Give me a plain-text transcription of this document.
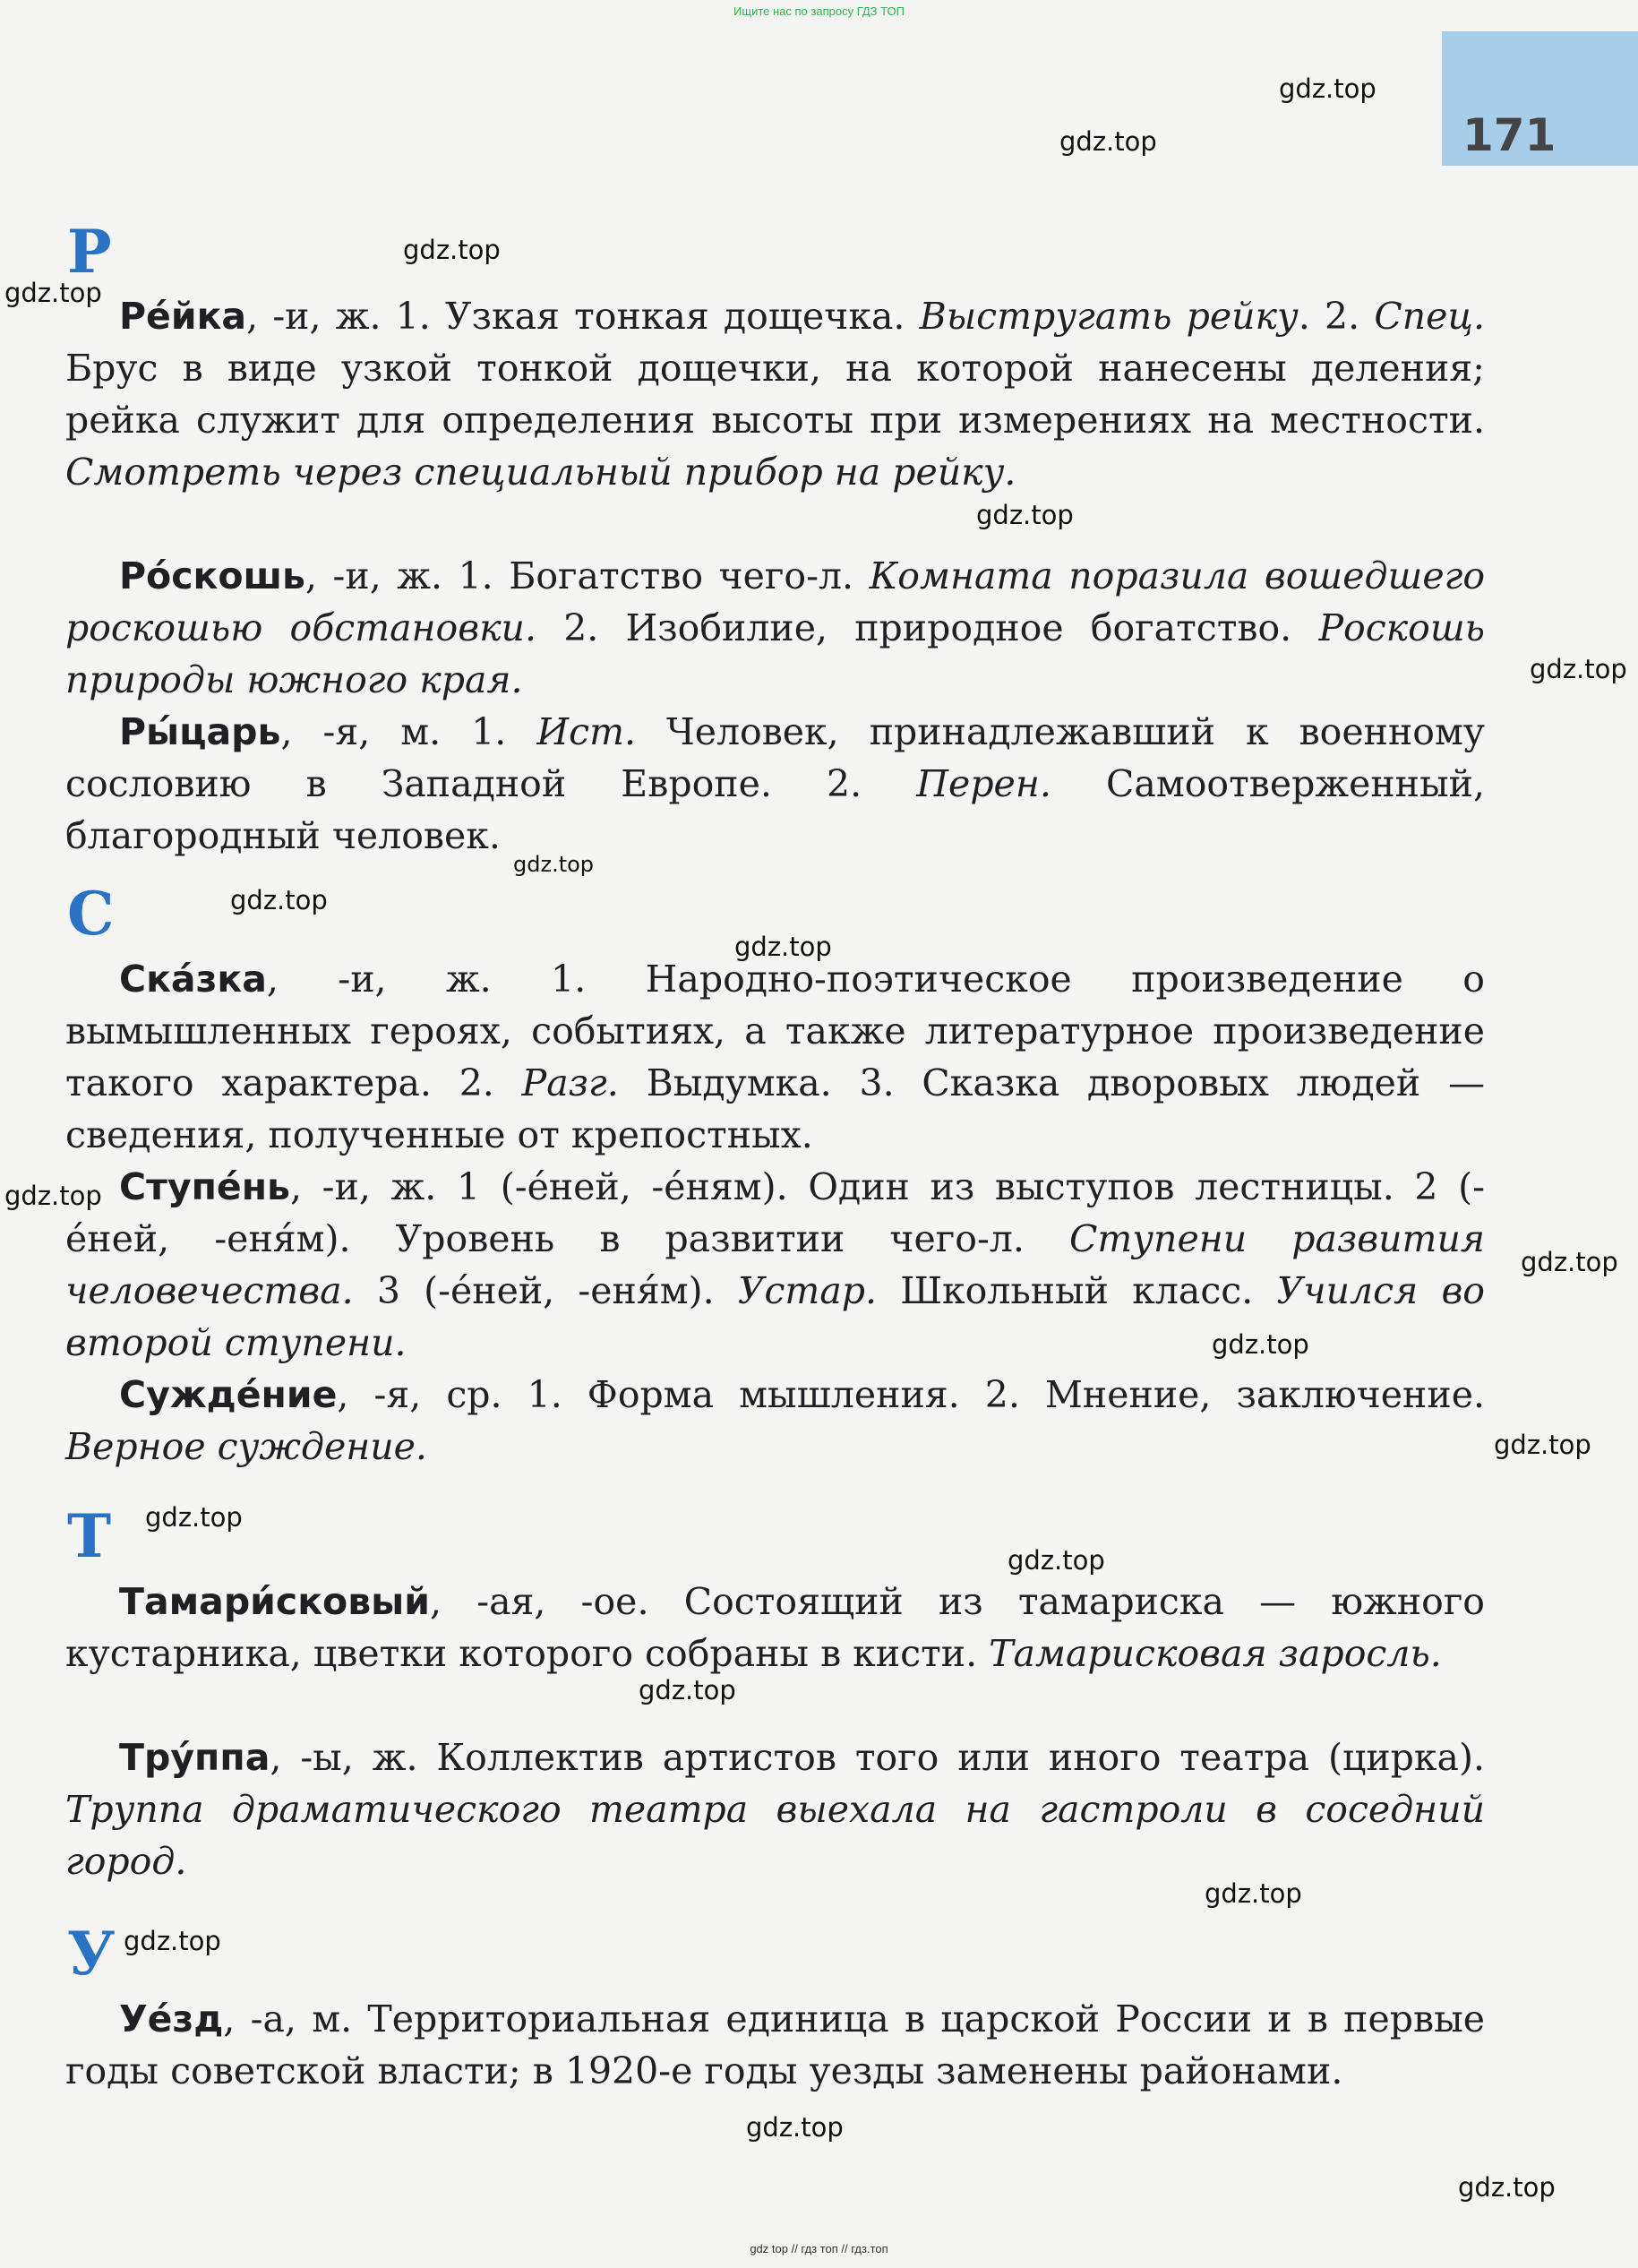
Ищите нас по запросу ГДЗ ТОП
171
gdz.top
gdz.top
gdz.top
gdz.top
gdz.top
gdz.top
gdz.top
gdz.top
gdz.top
gdz.top
gdz.top
gdz.top
gdz.top
gdz.top
gdz.top
gdz.top
gdz.top
gdz.top
gdz.top
gdz.top
Р
Ре́йка, -и, ж. 1. Узкая тонкая дощечка. Выстругать рейку. 2. Спец. Брус в виде узкой тонкой дощечки, на которой нанесены деления; рейка служит для определения высоты при измерениях на местности. Смотреть через специальный прибор на рейку.
Ро́скошь, -и, ж. 1. Богатство чего-л. Комната поразила вошедшего роскошью обстановки. 2. Изобилие, природное богатство. Роскошь природы южного края.
Ры́царь, -я, м. 1. Ист. Человек, принадлежавший к военному сословию в Западной Европе. 2. Перен. Самоотверженный, благородный человек.
С
Ска́зка, -и, ж. 1. Народно-поэтическое произведение о вымышленных героях, событиях, а также литературное произведение такого характера. 2. Разг. Выдумка. 3. Сказка дворовых людей — сведения, полученные от крепостных.
Ступе́нь, -и, ж. 1 (-е́ней, -е́ням). Один из выступов лестницы. 2 (-е́ней, -еня́м). Уровень в развитии чего-л. Ступени развития человечества. 3 (-е́ней, -еня́м). Устар. Школьный класс. Учился во второй ступени.
Сужде́ние, -я, ср. 1. Форма мышления. 2. Мнение, заключение. Верное суждение.
Т
Тамари́сковый, -ая, -ое. Состоящий из тамариска — южного кустарника, цветки которого собраны в кисти. Тамарисковая заросль.
Тру́ппа, -ы, ж. Коллектив артистов того или иного театра (цирка). Труппа драматического театра выехала на гастроли в соседний город.
У
Уе́зд, -а, м. Территориальная единица в царской России и в первые годы советской власти; в 1920-е годы уезды заменены районами.
gdz top // гдз топ // гдз.топ
